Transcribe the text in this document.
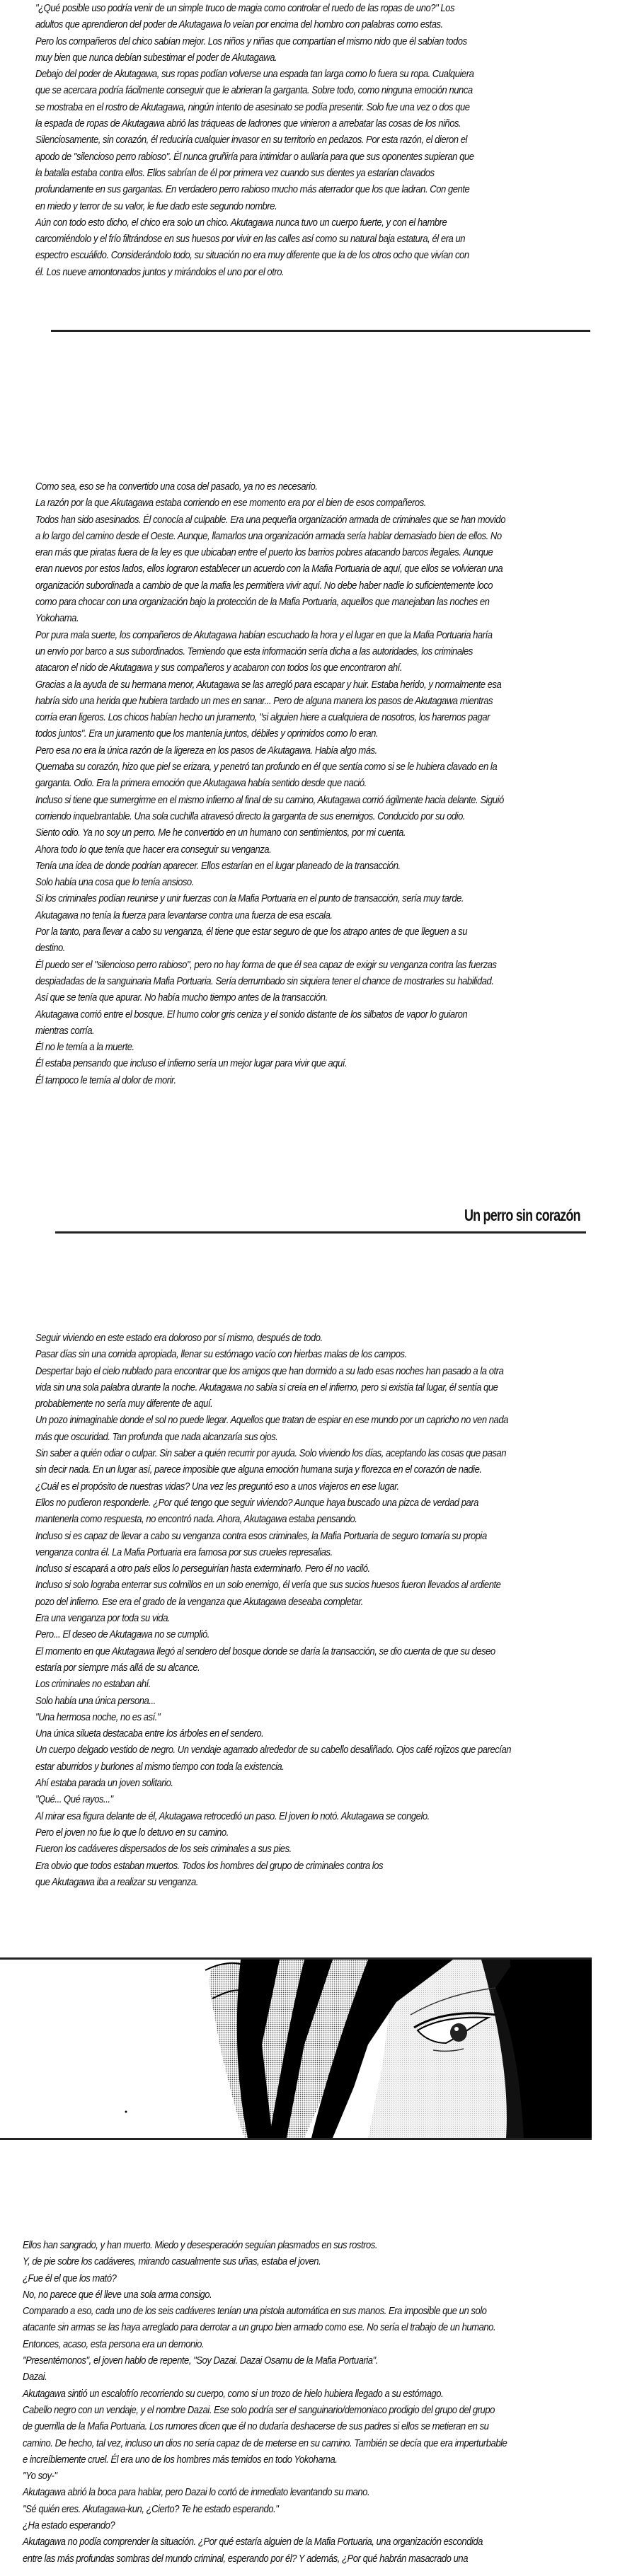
"¿Qué posible uso podría venir de un simple truco de magia como controlar el ruedo de las ropas de uno?" Los
adultos que aprendieron del poder de Akutagawa lo veían por encima del hombro con palabras como estas.
Pero los compañeros del chico sabían mejor. Los niños y niñas que compartían el mismo nido que él sabían todos
muy bien que nunca debían subestimar el poder de Akutagawa.
Debajo del poder de Akutagawa, sus ropas podían volverse una espada tan larga como lo fuera su ropa. Cualquiera
que se acercara podría fácilmente conseguir que le abrieran la garganta. Sobre todo, como ninguna emoción nunca
se mostraba en el rostro de Akutagawa, ningún intento de asesinato se podía presentir. Solo fue una vez o dos que
la espada de ropas de Akutagawa abrió las tráqueas de ladrones que vinieron a arrebatar las cosas de los niños.
Silenciosamente, sin corazón, él reduciría cualquier invasor en su territorio en pedazos. Por esta razón, el dieron el
apodo de "silencioso perro rabioso". Él nunca gruñiría para intimidar o aullaría para que sus oponentes supieran que
la batalla estaba contra ellos. Ellos sabrían de él por primera vez cuando sus dientes ya estarían clavados
profundamente en sus gargantas. En verdadero perro rabioso mucho más aterrador que los que ladran. Con gente
en miedo y terror de su valor, le fue dado este segundo nombre.
Aún con todo esto dicho, el chico era solo un chico. Akutagawa nunca tuvo un cuerpo fuerte, y con el hambre
carcomiéndolo y el frío filtrándose en sus huesos por vivir en las calles así como su natural baja estatura, él era un
espectro escuálido. Considerándolo todo, su situación no era muy diferente que la de los otros ocho que vivían con
él. Los nueve amontonados juntos y mirándolos el uno por el otro.
Como sea, eso se ha convertido una cosa del pasado, ya no es necesario.
La razón por la que Akutagawa estaba corriendo en ese momento era por el bien de esos compañeros.
Todos han sido asesinados. Él conocía al culpable. Era una pequeña organización armada de criminales que se han movido
a lo largo del camino desde el Oeste. Aunque, llamarlos una organización armada sería hablar demasiado bien de ellos. No
eran más que piratas fuera de la ley es que ubicaban entre el puerto los barrios pobres atacando barcos ilegales. Aunque
eran nuevos por estos lados, ellos lograron establecer un acuerdo con la Mafia Portuaria de aquí, que ellos se volvieran una
organización subordinada a cambio de que la mafia les permitiera vivir aquí. No debe haber nadie lo suficientemente loco
como para chocar con una organización bajo la protección de la Mafia Portuaria, aquellos que manejaban las noches en
Yokohama.
Por pura mala suerte, los compañeros de Akutagawa habían escuchado la hora y el lugar en que la Mafia Portuaria haría
un envío por barco a sus subordinados. Temiendo que esta información sería dicha a las autoridades, los criminales
atacaron el nido de Akutagawa y sus compañeros y acabaron con todos los que encontraron ahí.
Gracias a la ayuda de su hermana menor, Akutagawa se las arregló para escapar y huir. Estaba herido, y normalmente esa
habría sido una herida que hubiera tardado un mes en sanar... Pero de alguna manera los pasos de Akutagawa mientras
corría eran ligeros. Los chicos habían hecho un juramento, "si alguien hiere a cualquiera de nosotros, los haremos pagar
todos juntos". Era un juramento que los mantenía juntos, débiles y oprimidos como lo eran.
Pero esa no era la única razón de la ligereza en los pasos de Akutagawa. Había algo más.
Quemaba su corazón, hizo que piel se erizara, y penetró tan profundo en él que sentía como si se le hubiera clavado en la
garganta. Odio. Era la primera emoción que Akutagawa había sentido desde que nació.
Incluso si tiene que sumergirme en el mismo infierno al final de su camino, Akutagawa corrió ágilmente hacia delante. Siguió
corriendo inquebrantable. Una sola cuchilla atravesó directo la garganta de sus enemigos. Conducido por su odio.
Siento odio. Ya no soy un perro. Me he convertido en un humano con sentimientos, por mi cuenta.
Ahora todo lo que tenía que hacer era conseguir su venganza.
Tenía una idea de donde podrían aparecer. Ellos estarían en el lugar planeado de la transacción.
Solo había una cosa que lo tenía ansioso.
Si los criminales podían reunirse y unir fuerzas con la Mafia Portuaria en el punto de transacción, sería muy tarde.
Akutagawa no tenía la fuerza para levantarse contra una fuerza de esa escala.
Por la tanto, para llevar a cabo su venganza, él tiene que estar seguro de que los atrapo antes de que lleguen a su
destino.
Él puedo ser el "silencioso perro rabioso", pero no hay forma de que él sea capaz de exigir su venganza contra las fuerzas
despiadadas de la sanguinaria Mafia Portuaria. Sería derrumbado sin siquiera tener el chance de mostrarles su habilidad.
Así que se tenía que apurar. No había mucho tiempo antes de la transacción.
Akutagawa corrió entre el bosque. El humo color gris ceniza y el sonido distante de los silbatos de vapor lo guiaron
mientras corría.
Él no le temía a la muerte.
Él estaba pensando que incluso el infierno sería un mejor lugar para vivir que aquí.
Él tampoco le temía al dolor de morir.
Un perro sin corazón
Seguir viviendo en este estado era doloroso por sí mismo, después de todo.
Pasar días sin una comida apropiada, llenar su estómago vacío con hierbas malas de los campos.
Despertar bajo el cielo nublado para encontrar que los amigos que han dormido a su lado esas noches han pasado a la otra
vida sin una sola palabra durante la noche. Akutagawa no sabía si creía en el infierno, pero si existía tal lugar, él sentía que
probablemente no sería muy diferente de aquí.
Un pozo inimaginable donde el sol no puede llegar. Aquellos que tratan de espiar en ese mundo por un capricho no ven nada
más que oscuridad. Tan profunda que nada alcanzaría sus ojos.
Sin saber a quién odiar o culpar. Sin saber a quién recurrir por ayuda. Solo viviendo los días, aceptando las cosas que pasan
sin decir nada. En un lugar así, parece imposible que alguna emoción humana surja y florezca en el corazón de nadie.
¿Cuál es el propósito de nuestras vidas? Una vez les preguntó eso a unos viajeros en ese lugar.
Ellos no pudieron responderle. ¿Por qué tengo que seguir viviendo? Aunque haya buscado una pizca de verdad para
mantenerla como respuesta, no encontró nada. Ahora, Akutagawa estaba pensando.
Incluso si es capaz de llevar a cabo su venganza contra esos criminales, la Mafia Portuaria de seguro tomaría su propia
venganza contra él. La Mafia Portuaria era famosa por sus crueles represalias.
Incluso si escapará a otro país ellos lo perseguirían hasta exterminarlo. Pero él no vaciló.
Incluso si solo lograba enterrar sus colmillos en un solo enemigo, él vería que sus sucios huesos fueron llevados al ardiente
pozo del infierno. Ese era el grado de la venganza que Akutagawa deseaba completar.
Era una venganza por toda su vida.
Pero... El deseo de Akutagawa no se cumplió.
El momento en que Akutagawa llegó al sendero del bosque donde se daría la transacción, se dio cuenta de que su deseo
estaría por siempre más allá de su alcance.
Los criminales no estaban ahí.
Solo había una única persona...
"Una hermosa noche, no es así."
Una única silueta destacaba entre los árboles en el sendero.
Un cuerpo delgado vestido de negro. Un vendaje agarrado alrededor de su cabello desaliñado. Ojos café rojizos que parecían
estar aburridos y burlones al mismo tiempo con toda la existencia.
Ahí estaba parada un joven solitario.
"Qué... Qué rayos..."
Al mirar esa figura delante de él, Akutagawa retrocedió un paso. El joven lo notó. Akutagawa se congelo.
Pero el joven no fue lo que lo detuvo en su camino.
Fueron los cadáveres dispersados de los seis criminales a sus pies.
Era obvio que todos estaban muertos. Todos los hombres del grupo de criminales contra los
que Akutagawa iba a realizar su venganza.
Ellos han sangrado, y han muerto. Miedo y desesperación seguían plasmados en sus rostros.
Y, de pie sobre los cadáveres, mirando casualmente sus uñas, estaba el joven.
¿Fue él el que los mató?
No, no parece que él lleve una sola arma consigo.
Comparado a eso, cada uno de los seis cadáveres tenían una pistola automática en sus manos. Era imposible que un solo
atacante sin armas se las haya arreglado para derrotar a un grupo bien armado como ese. No sería el trabajo de un humano.
Entonces, acaso, esta persona era un demonio.
"Presentémonos", el joven hablo de repente, "Soy Dazai. Dazai Osamu de la Mafia Portuaria".
Dazai.
Akutagawa sintió un escalofrío recorriendo su cuerpo, como si un trozo de hielo hubiera llegado a su estómago.
Cabello negro con un vendaje, y el nombre Dazai. Ese solo podría ser el sanguinario/demoniaco prodigio del grupo del grupo
de guerrilla de la Mafia Portuaria. Los rumores dicen que él no dudaría deshacerse de sus padres si ellos se metieran en su
camino. De hecho, tal vez, incluso un dios no sería capaz de de meterse en su camino. También se decía que era imperturbable
e increíblemente cruel. Él era uno de los hombres más temidos en todo Yokohama.
"Yo soy-"
Akutagawa abrió la boca para hablar, pero Dazai lo cortó de inmediato levantando su mano.
"Sé quién eres. Akutagawa-kun, ¿Cierto? Te he estado esperando."
¿Ha estado esperando?
Akutagawa no podía comprender la situación. ¿Por qué estaría alguien de la Mafia Portuaria, una organización escondida
entre las más profundas sombras del mundo criminal, esperando por él? Y además, ¿Por qué habrán masacrado una
